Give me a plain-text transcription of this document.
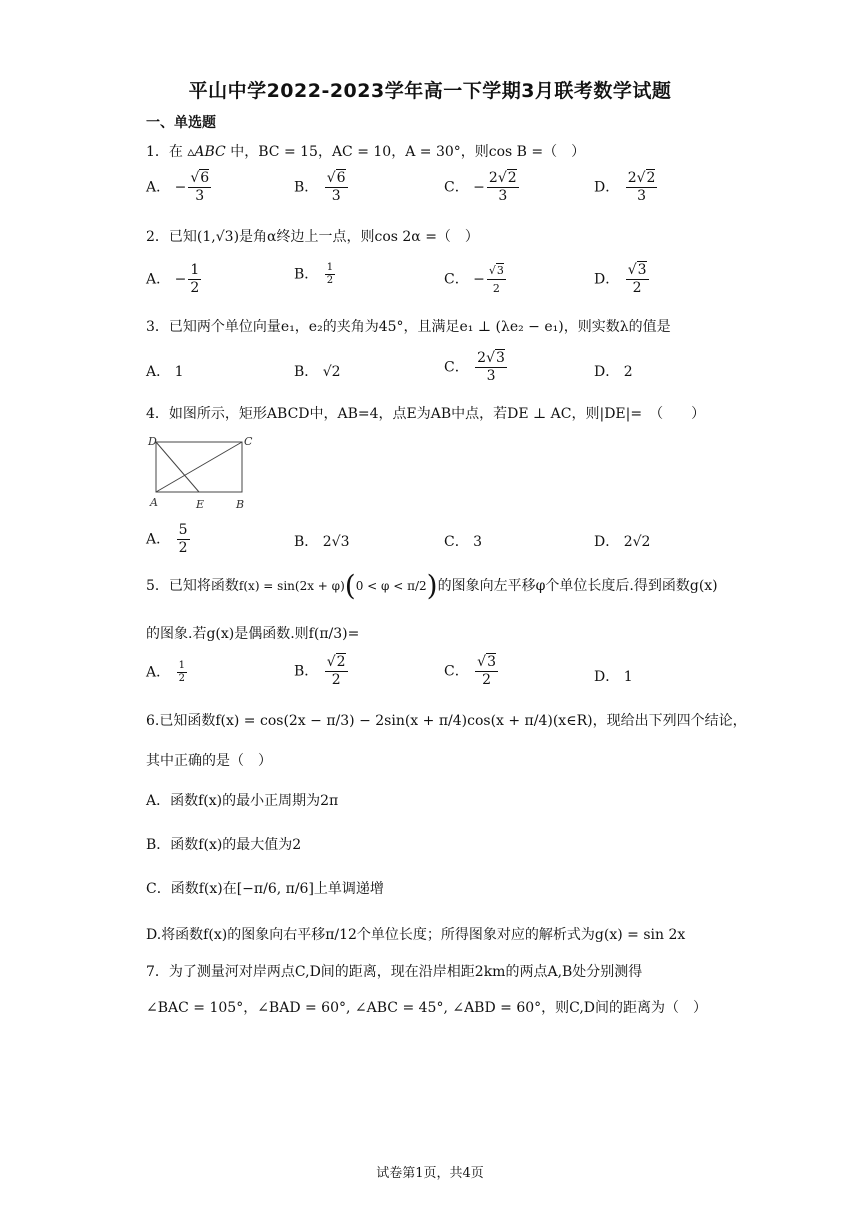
平山中学2022-2023学年高一下学期3月联考数学试题
一、单选题
1．在 ▵ABC 中，BC = 15，AC = 10，A = 30°，则cos B =（　）
A． − $\frac{√6}{3}$	B． $\frac{√6}{3}$	C． − $\frac{2√2}{3}$	D． $\frac{2√2}{3}$
2．已知(1,√3)是角α终边上一点，则cos 2α =（　）
A． − $\frac{1}{2}$	B． $\frac{1}{2}$	C． − $\frac{√3}{2}$	D． $\frac{√3}{2}$
3．已知两个单位向量e₁，e₂的夹角为45°，且满足e₁ ⊥ (λe₂ − e₁)，则实数λ的值是
A． 1	B． √2	C． $\frac{2√3}{3}$	D． 2
4．如图所示，矩形ABCD中，AB=4，点E为AB中点，若DE ⊥ AC，则|DE|=　（　　）
D	C
A	E	B
A． $\frac{5}{2}$	B． 2√3	C． 3	D． 2√2
5．已知将函数f(x) = sin(2x + φ)(0 < φ < π/2)的图象向左平移φ个单位长度后.得到函数g(x)
的图象.若g(x)是偶函数.则f(π/3)=
A． $\frac{1}{2}$	B． $\frac{√2}{2}$	C． $\frac{√3}{2}$	D． 1
6.已知函数f(x) = cos(2x − π/3) − 2sin(x + π/4)cos(x + π/4)(x∈R)，现给出下列四个结论，
其中正确的是（　）
A．函数f(x)的最小正周期为2π
B．函数f(x)的最大值为2
C．函数f(x)在[−π/6, π/6]上单调递增
D.将函数f(x)的图象向右平移π/12个单位长度；所得图象对应的解析式为g(x) = sin 2x
7．为了测量河对岸两点C,D间的距离，现在沿岸相距2km的两点A,B处分别测得
∠BAC = 105°，∠BAD = 60°, ∠ABC = 45°, ∠ABD = 60°，则C,D间的距离为（　）
试卷第1页，共4页
